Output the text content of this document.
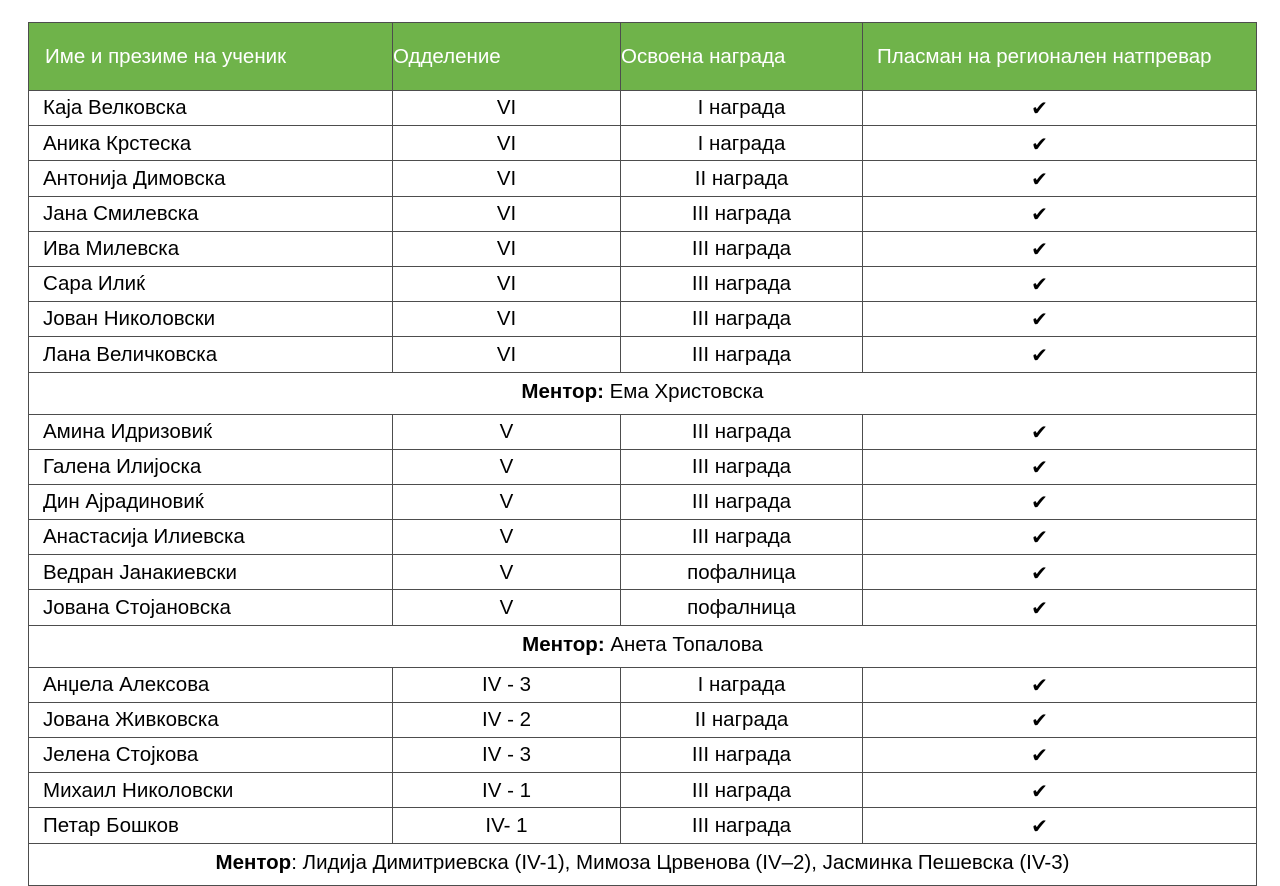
Име и презиме на ученик	Одделение	Освоена награда	Пласман на регионален натпревар
Каја Велковска	VI	I награда	✔
Аника Крстеска	VI	I награда	✔
Антонија Димовска	VI	II награда	✔
Јана Смилевска	VI	III награда	✔
Ива Милевска	VI	III награда	✔
Сара Илиќ	VI	III награда	✔
Јован Николовски	VI	III награда	✔
Лана Величковска	VI	III награда	✔
Ментор: Ема Христовска			
Амина Идризовиќ	V	III награда	✔
Галена Илијоска	V	III награда	✔
Дин Ајрадиновиќ	V	III награда	✔
Анастасија Илиевска	V	III награда	✔
Ведран Јанакиевски	V	пофалница	✔
Јована Стојановска	V	пофалница	✔
Ментор: Анета Топалова			
Анџела Алексова	IV - 3	I награда	✔
Јована Живковска	IV - 2	II награда	✔
Јелена Стојкова	IV - 3	III награда	✔
Михаил Николовски	IV - 1	III награда	✔
Петар Бошков	IV- 1	III награда	✔
Ментор: Лидија Димитриевска (IV-1), Мимоза Црвенова (IV–2), Јасминка Пешевска (IV-3)			
